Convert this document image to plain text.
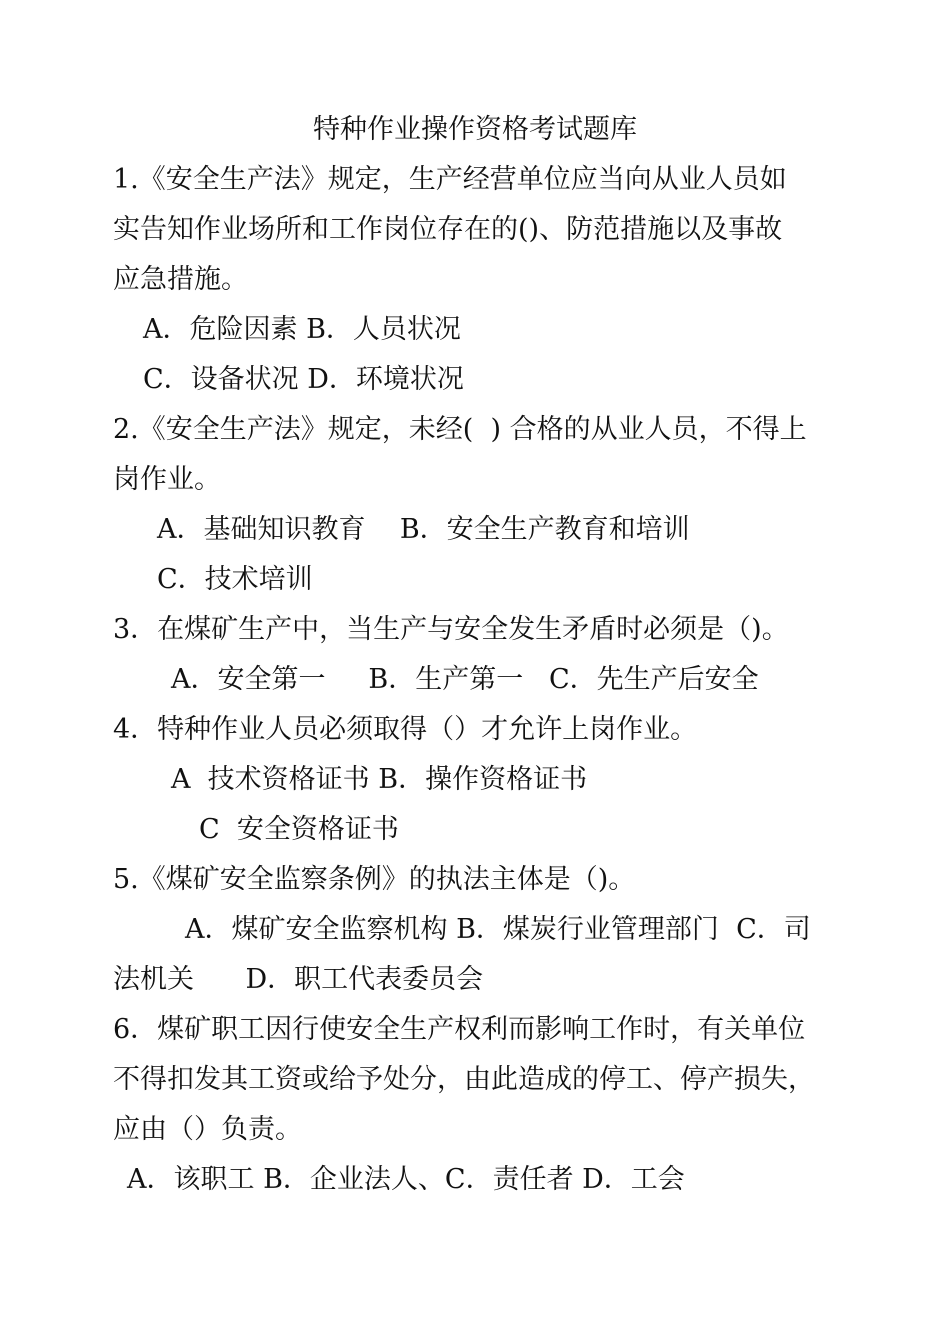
特种作业操作资格考试题库
1.《安全生产法》规定，生产经营单位应当向从业人员如
实告知作业场所和工作岗位存在的()、防范措施以及事故
应急措施。
A．危险因素 B．人员状况
C．设备状况 D．环境状况
2.《安全生产法》规定，未经(  ) 合格的从业人员，不得上
岗作业。
A．基础知识教育    B．安全生产教育和培训
C．技术培训
3．在煤矿生产中，当生产与安全发生矛盾时必须是（)。
A．安全第一     B．生产第一   C．先生产后安全
4．特种作业人员必须取得（）才允许上岗作业。
A  技术资格证书 B．操作资格证书
C  安全资格证书
5.《煤矿安全监察条例》的执法主体是（)。
A．煤矿安全监察机构 B．煤炭行业管理部门  C．司
法机关      D．职工代表委员会
6．煤矿职工因行使安全生产权利而影响工作时，有关单位
不得扣发其工资或给予处分，由此造成的停工、停产损失，
应由（）负责。
A．该职工 B．企业法人、C．责任者 D．工会
